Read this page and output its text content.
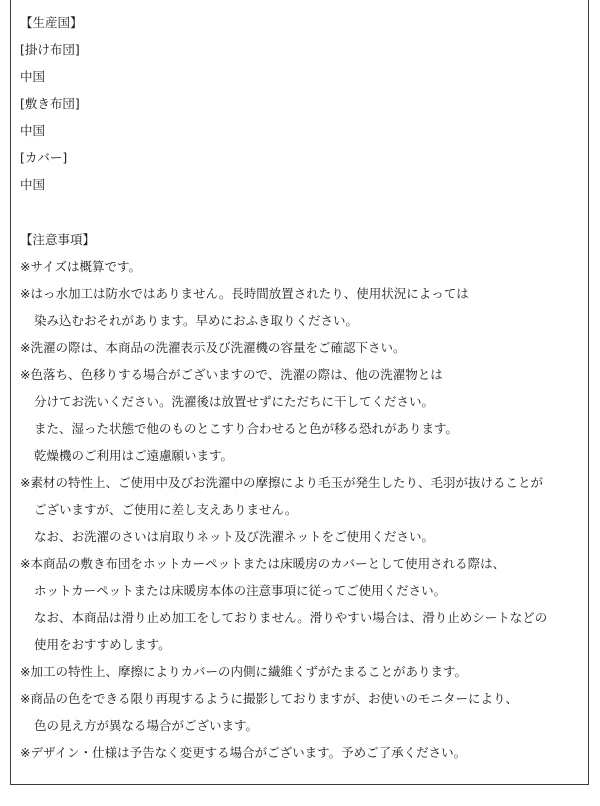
【生産国】
[掛け布団]
中国
[敷き布団]
中国
[カバー]
中国
【注意事項】
※サイズは概算です。
※はっ水加工は防水ではありません。長時間放置されたり、使用状況によっては
染み込むおそれがあります。早めにおふき取りください。
※洗濯の際は、本商品の洗濯表示及び洗濯機の容量をご確認下さい。
※色落ち、色移りする場合がございますので、洗濯の際は、他の洗濯物とは
分けてお洗いください。洗濯後は放置せずにただちに干してください。
また、湿った状態で他のものとこすり合わせると色が移る恐れがあります。
乾燥機のご利用はご遠慮願います。
※素材の特性上、ご使用中及びお洗濯中の摩擦により毛玉が発生したり、毛羽が抜けることが
ございますが、ご使用に差し支えありません。
なお、お洗濯のさいは肩取りネット及び洗濯ネットをご使用ください。
※本商品の敷き布団をホットカーペットまたは床暖房のカバーとして使用される際は、
ホットカーペットまたは床暖房本体の注意事項に従ってご使用ください。
なお、本商品は滑り止め加工をしておりません。滑りやすい場合は、滑り止めシートなどの
使用をおすすめします。
※加工の特性上、摩擦によりカバーの内側に繊維くずがたまることがあります。
※商品の色をできる限り再現するように撮影しておりますが、お使いのモニターにより、
色の見え方が異なる場合がございます。
※デザイン・仕様は予告なく変更する場合がございます。予めご了承ください。
